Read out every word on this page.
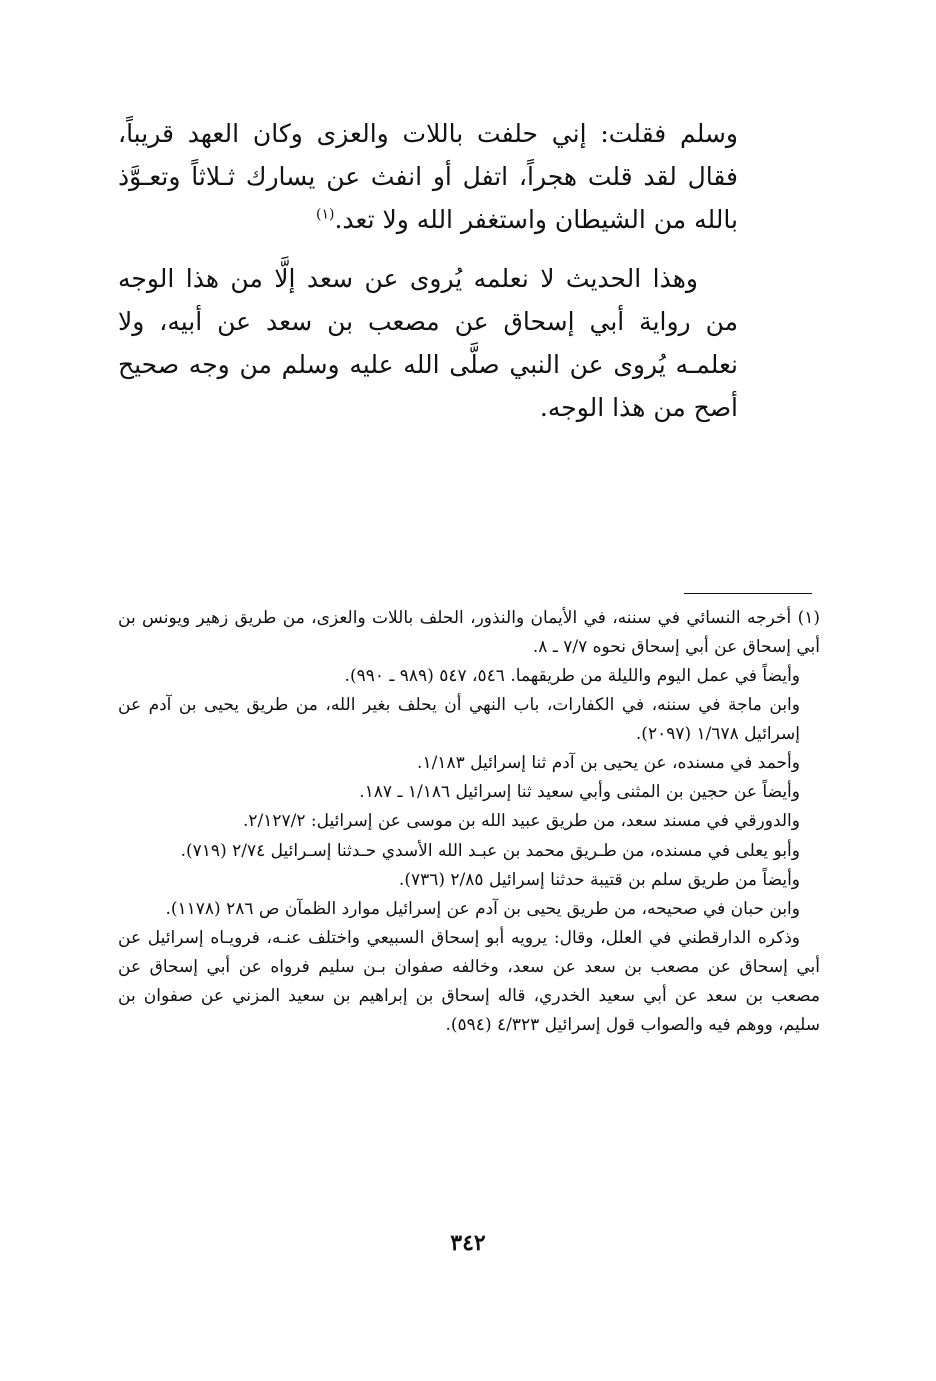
وسلم فقلت: إني حلفت باللات والعزى وكان العهد قريباً، فقال لقد قلت هجراً، اتفل أو انفث عن يسارك ثـلاثاً وتعـوَّذ بالله من الشيطان واستغفر الله ولا تعد.$^{(١)}$

وهذا الحديث لا نعلمه يُروى عن سعد إلَّا من هذا الوجه من رواية أبي إسحاق عن مصعب بن سعد عن أبيه، ولا نعلمـه يُروى عن النبي صلَّى الله عليه وسلم من وجه صحيح أصح من هذا الوجه.

(١) أخرجه النسائي في سننه، في الأيمان والنذور، الحلف باللات والعزى، من طريق زهير ويونس بن أبي إسحاق عن أبي إسحاق نحوه ٧/٧ ـ ٨.

وأيضاً في عمل اليوم والليلة من طريقهما. ٥٤٦، ٥٤٧ (٩٨٩ ـ ٩٩٠).

وابن ماجة في سننه، في الكفارات، باب النهي أن يحلف بغير الله، من طريق يحيى بن آدم عن إسرائيل ١/٦٧٨ (٢٠٩٧).

وأحمد في مسنده، عن يحيى بن آدم ثنا إسرائيل ١/١٨٣.

وأيضاً عن حجين بن المثنى وأبي سعيد ثنا إسرائيل ١/١٨٦ ـ ١٨٧.

والدورقي في مسند سعد، من طريق عبيد الله بن موسى عن إسرائيل: ٢/١٢٧/٢.

وأبو يعلى في مسنده، من طـريق محمد بن عبـد الله الأسدي حـدثنا إسـرائيل ٢/٧٤ (٧١٩).

وأيضاً من طريق سلم بن قتيبة حدثنا إسرائيل ٢/٨٥ (٧٣٦).

وابن حبان في صحيحه، من طريق يحيى بن آدم عن إسرائيل موارد الظمآن ص ٢٨٦ (١١٧٨).

وذكره الدارقطني في العلل، وقال: يرويه أبو إسحاق السبيعي واختلف عنـه، فرويـاه إسرائيل عن أبي إسحاق عن مصعب بن سعد عن سعد، وخالفه صفوان بـن سليم فرواه عن أبي إسحاق عن مصعب بن سعد عن أبي سعيد الخدري، قاله إسحاق بن إبراهيم بن سعيد المزني عن صفوان بن سليم، ووهم فيه والصواب قول إسرائيل ٤/٣٢٣ (٥٩٤).

٣٤٢
